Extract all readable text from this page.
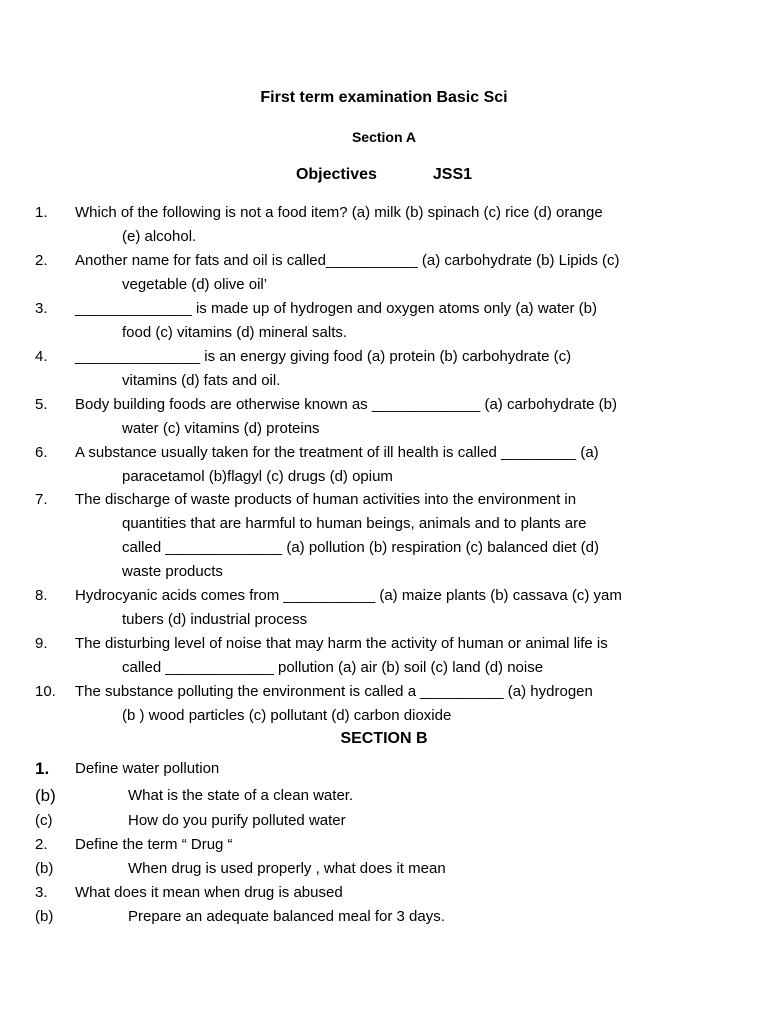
First term examination Basic Sci
Section A
Objectives	JSS1
1. Which of the following is not a food item? (a) milk (b) spinach (c) rice (d) orange
(e) alcohol.
2. Another name for fats and oil is called___________ (a) carbohydrate (b) Lipids (c)
vegetable (d) olive oil’
3. ______________ is made up of hydrogen and oxygen atoms only (a) water (b)
food (c) vitamins (d) mineral salts.
4. _______________ is an energy giving food (a) protein (b) carbohydrate (c)
vitamins (d) fats and oil.
5. Body building foods are otherwise known as _____________ (a) carbohydrate (b)
water (c) vitamins (d) proteins
6. A substance usually taken for the treatment of ill health is called _________ (a)
paracetamol (b)flagyl (c) drugs (d) opium
7. The discharge of waste products of human activities into the environment in
quantities that are harmful to human beings, animals and to plants are
called ______________ (a) pollution (b) respiration (c) balanced diet (d)
waste products
8. Hydrocyanic acids comes from ___________ (a) maize plants (b) cassava (c) yam
tubers (d) industrial process
9. The disturbing level of noise that may harm the activity of human or animal life is
called _____________ pollution (a) air (b) soil (c) land (d) noise
10. The substance polluting the environment is called a __________ (a) hydrogen
(b ) wood particles (c) pollutant (d) carbon dioxide
SECTION B
1. Define water pollution
(b)	What is the state of a clean water.
(c)	How do you purify polluted water
2. Define the term “ Drug “
(b)	When drug is used properly , what does it mean
3. What does it mean when drug is abused
(b)	Prepare an adequate balanced meal for 3 days.
